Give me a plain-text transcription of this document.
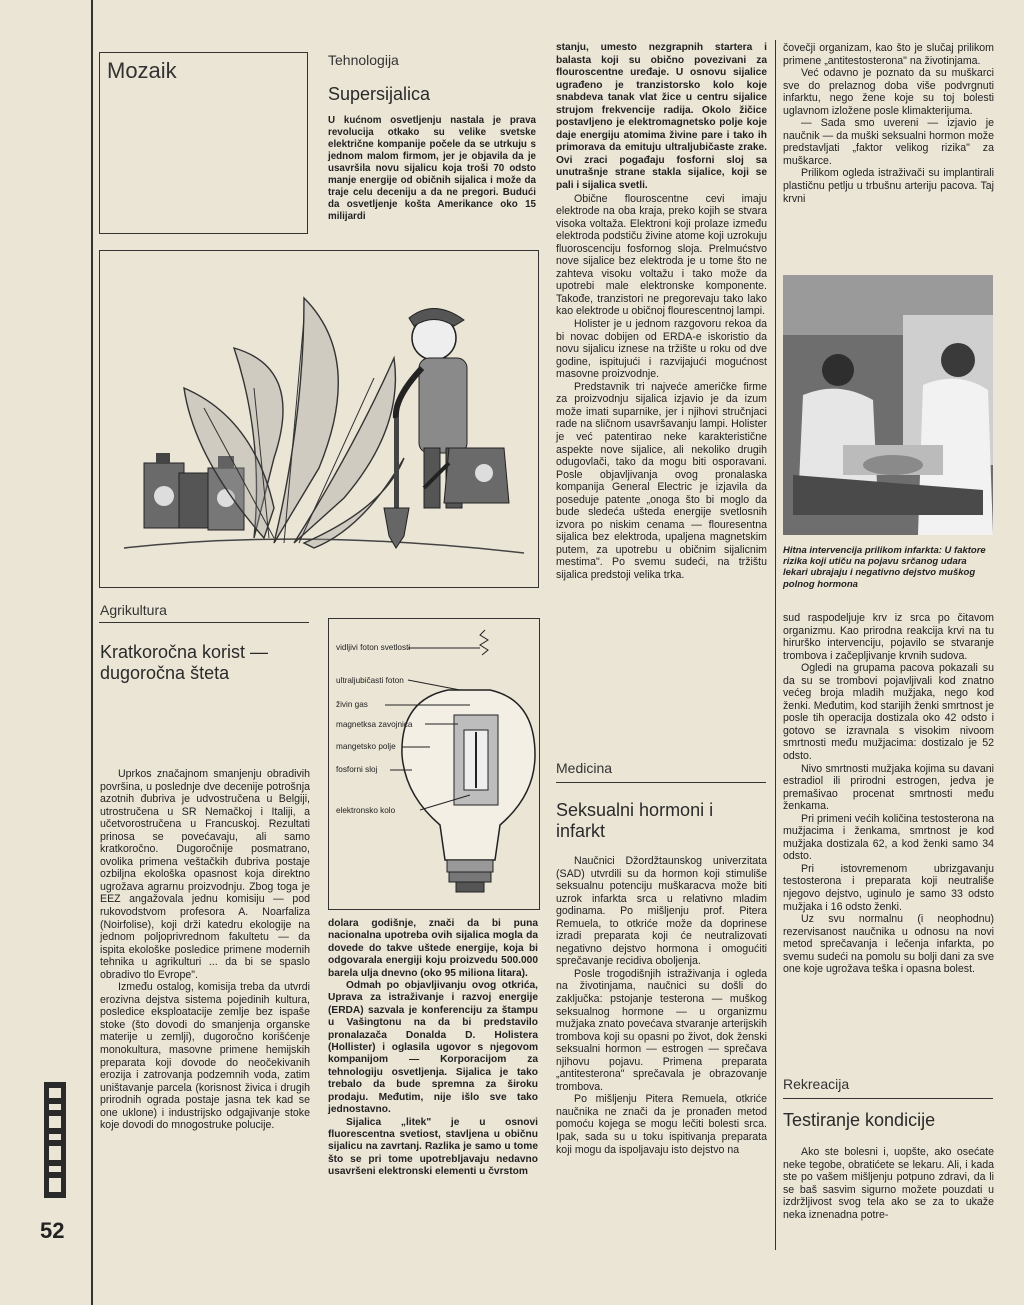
52
Mozaik	Tehnologija
Supersijalica
U kućnom osvetljenju nastala je prava revolucija otkako su velike svetske električne kompanije počele da se utrkuju s jednom malom firmom, jer je objavila da je usavršila novu sijalicu koja troši 70 odsto manje energije od običnih sijalica i može da traje celu deceniju a da ne pregori. Budući da osvetljenje košta Amerikance oko 15 milijardi
Agrikultura
Kratkoročna korist — dugoročna šteta

Uprkos značajnom smanjenju obradivih površina, u poslednje dve decenije potrošnja azotnih đubriva je udvostručena u Belgiji, utrostručena u SR Nemačkoj i Italiji, a učetvorostručena u Francuskoj. Rezultati prinosa se povećavaju, ali samo kratkoročno. Dugoročnije posmatrano, ovolika primena veštačkih đubriva postaje ozbiljna ekološka opasnost koja direktno ugrožava agrarnu proizvodnju. Zbog toga je EEZ angažovala jednu komisiju — pod rukovodstvom profesora A. Noarfaliza (Noirfolise), koji drži katedru ekologije na jednom poljoprivrednom fakultetu — da ispita ekološke posledice primene modernih tehnika u agrikulturi ... da bi se spaslo obradivo tlo Evrope".

Između ostalog, komisija treba da utvrdi erozivna dejstva sistema pojedinih kultura, posledice eksploatacije zemlje bez ispaše stoke (što dovodi do smanjenja organske materije u zemlji), dugoročno korišćenje monokultura, masovne primene hemijskih preparata koji dovode do neočekivanih erozija i zatrovanja podzemnih voda, zatim uništavanje parcela (korisnost živica i drugih prirodnih ograda postaje jasna tek kad se one uklone) i industrijsko odgajivanje stoke koje dovodi do mnogostruke polucije.

vidljivi foton svetlosti
ultraljubičasti foton
živin gas
magnetksa zavojnica
mangetsko polje
fosforni sloj
elektronsko kolo

dolara godišnje, znači da bi puna nacionalna upotreba ovih sijalica mogla da dovede do takve uštede energije, koja bi odgovarala energiji koju proizvedu 500.000 barela ulja dnevno (oko 95 miliona litara).

Odmah po objavljivanju ovog otkrića, Uprava za istraživanje i razvoj energije (ERDA) sazvala je konferenciju za štampu u Vašingtonu na da bi predstavilo pronalazača Donalda D. Holistera (Hollister) i oglasila ugovor s njegovom kompanijom — Korporacijom za tehnologiju osvetljenja. Sijalica je tako trebalo da bude spremna za široku prodaju. Međutim, nije išlo sve tako jednostavno.

Sijalica „litek" je u osnovi fluorescentna svetiost, stavljena u običnu sijalicu na zavrtanj. Razlika je samo u tome što se pri tome upotrebljavaju nedavno usavršeni elektronski elementi u čvrstom

stanju, umesto nezgrapnih startera i balasta koji su obično povezivani za flouroscentne uređaje. U osnovu sijalice ugrađeno je tranzistorsko kolo koje snabdeva tanak vlat žice u centru sijalice strujom frekvencije radija. Okolo žičice postavljeno je elektromagnetsko polje koje daje energiju atomima živine pare i tako ih primorava da emituju ultraljubičaste zrake. Ovi zraci pogađaju fosforni sloj sa unutrašnje strane stakla sijalice, koji se pali i sijalica svetli.

Obične flouroscentne cevi imaju elektrode na oba kraja, preko kojih se stvara visoka voltaža. Elektroni koji prolaze između elektroda podstiču živine atome koji uzrokuju fluoroscenciju fosfornog sloja. Prelmućstvo nove sijalice bez elektroda je u tome što ne zahteva visoku voltažu i tako može da upotrebi male elektronske komponente. Takođe, tranzistori ne pregorevaju tako lako kao elektrode u običnoj flourescentnoj lampi.

Holister je u jednom razgovoru rekoa da bi novac dobijen od ERDA-e iskoristio da novu sijalicu iznese na tržište u roku od dve godine, ispitujući i razvijajući mogućnost masovne proizvodnje.

Predstavnik tri najveće američke firme za proizvodnju sijalica izjavio je da izum može imati suparnike, jer i njihovi stručnjaci rade na sličnom usavršavanju lampi. Holister je već patentirao neke karakteristične aspekte nove sijalice, ali nekoliko drugih odugovlači, tako da mogu biti osporavani. Posle objavljivanja ovog pronalaska kompanija General Electric je izjavila da poseduje patente „onoga što bi moglo da bude sledeća ušteda energije svetlosnih izvora po niskim cenama — flouresentna sijalica bez elektroda, upaljena magnetskim putem, za upotrebu u običnim sijalicnim mestima". Po svemu sudeći, na tržištu sijalica predstoji velika trka.

Medicina
Seksualni hormoni i infarkt

Naučnici Džordžtaunskog univerzitata (SAD) utvrdili su da hormon koji stimuliše seksualnu potenciju muškaracva može biti uzrok infarkta srca u relativno mladim godinama. Po mišljenju prof. Pitera Remuela, to otkriće može da doprinese izradi preparata koji će neutralizovati negativno dejstvo hormona i omogućiti sprečavanje recidiva oboljenja.

Posle trogodišnjih istraživanja i ogleda na životinjama, naučnici su došli do zaključka: pstojanje testerona — muškog seksualnog hormone — u organizmu mužjaka znato povećava stvaranje arterijskih trombova koji su opasni po život, dok ženski seksualni hormon — estrogen — sprečava njihovu pojavu. Primena preparata „antitesterona" sprečavala je obrazovanje trombova.

Po mišljenju Pitera Remuela, otkriće naučnika ne znači da je pronađen metod pomoću kojega se mogu lečiti bolesti srca. Ipak, sada su u toku ispitivanja preparata koji mogu da ispoljavaju isto dejstvo na

čovečji organizam, kao što je slučaj prilikom primene „antitestosterona" na životinjama.

Već odavno je poznato da su muškarci sve do prelaznog doba više podvrgnuti infarktu, nego žene koje su toj bolesti uglavnom izložene posle klimakterijuma.

— Sada smo uvereni — izjavio je naučnik — da muški seksualni hormon može predstavljati „faktor velikog rizika" za muškarce.

Prilikom ogleda istraživači su implantirali plastičnu petlju u trbušnu arteriju pacova. Taj krvni

Hitna intervencija prilikom infarkta: U faktore rizika koji utiču na pojavu srčanog udara lekari ubrajaju i negativno dejstvo muškog polnog hormona

sud raspodeljuje krv iz srca po čitavom organizmu. Kao prirodna reakcija krvi na tu hirurško intervenciju, pojavilo se stvaranje trombova i začepljivanje krvnih sudova.

Ogledi na grupama pacova pokazali su da su se trombovi pojavljivali kod znatno većeg broja mladih mužjaka, nego kod ženki. Međutim, kod starijih ženki smrtnost je posle tih operacija dostizala oko 42 odsto i gotovo se izravnala s visokim nivoom smrtnosti među mužjacima: dostizalo je 52 odsto.

Nivo smrtnosti mužjaka kojima su davani estradiol ili prirodni estrogen, jedva je premašivao procenat smrtnosti među ženkama.

Pri primeni većih količina testosterona na mužjacima i ženkama, smrtnost je kod mužjaka dostizala 62, a kod ženki samo 34 odsto.

Pri istovremenom ubrizgavanju testosterona i preparata koji neutrališe njegovo dejstvo, uginulo je samo 33 odsto mužjaka i 16 odsto ženki.

Uz svu normalnu (i neophodnu) rezervisanost naučnika u odnosu na novi metod sprečavanja i lečenja infarkta, po svemu sudeći na pomolu su bolji dani za sve one koje ugrožava teška i opasna bolest.

Rekreacija
Testiranje kondicije

Ako ste bolesni i, uopšte, ako osećate neke tegobe, obratićete se lekaru. Ali, i kada ste po vašem mišljenju potpuno zdravi, da li se baš sasvim sigurno možete pouzdati u izdržljivost svog tela ako se za to ukaže neka iznenadna potre-
